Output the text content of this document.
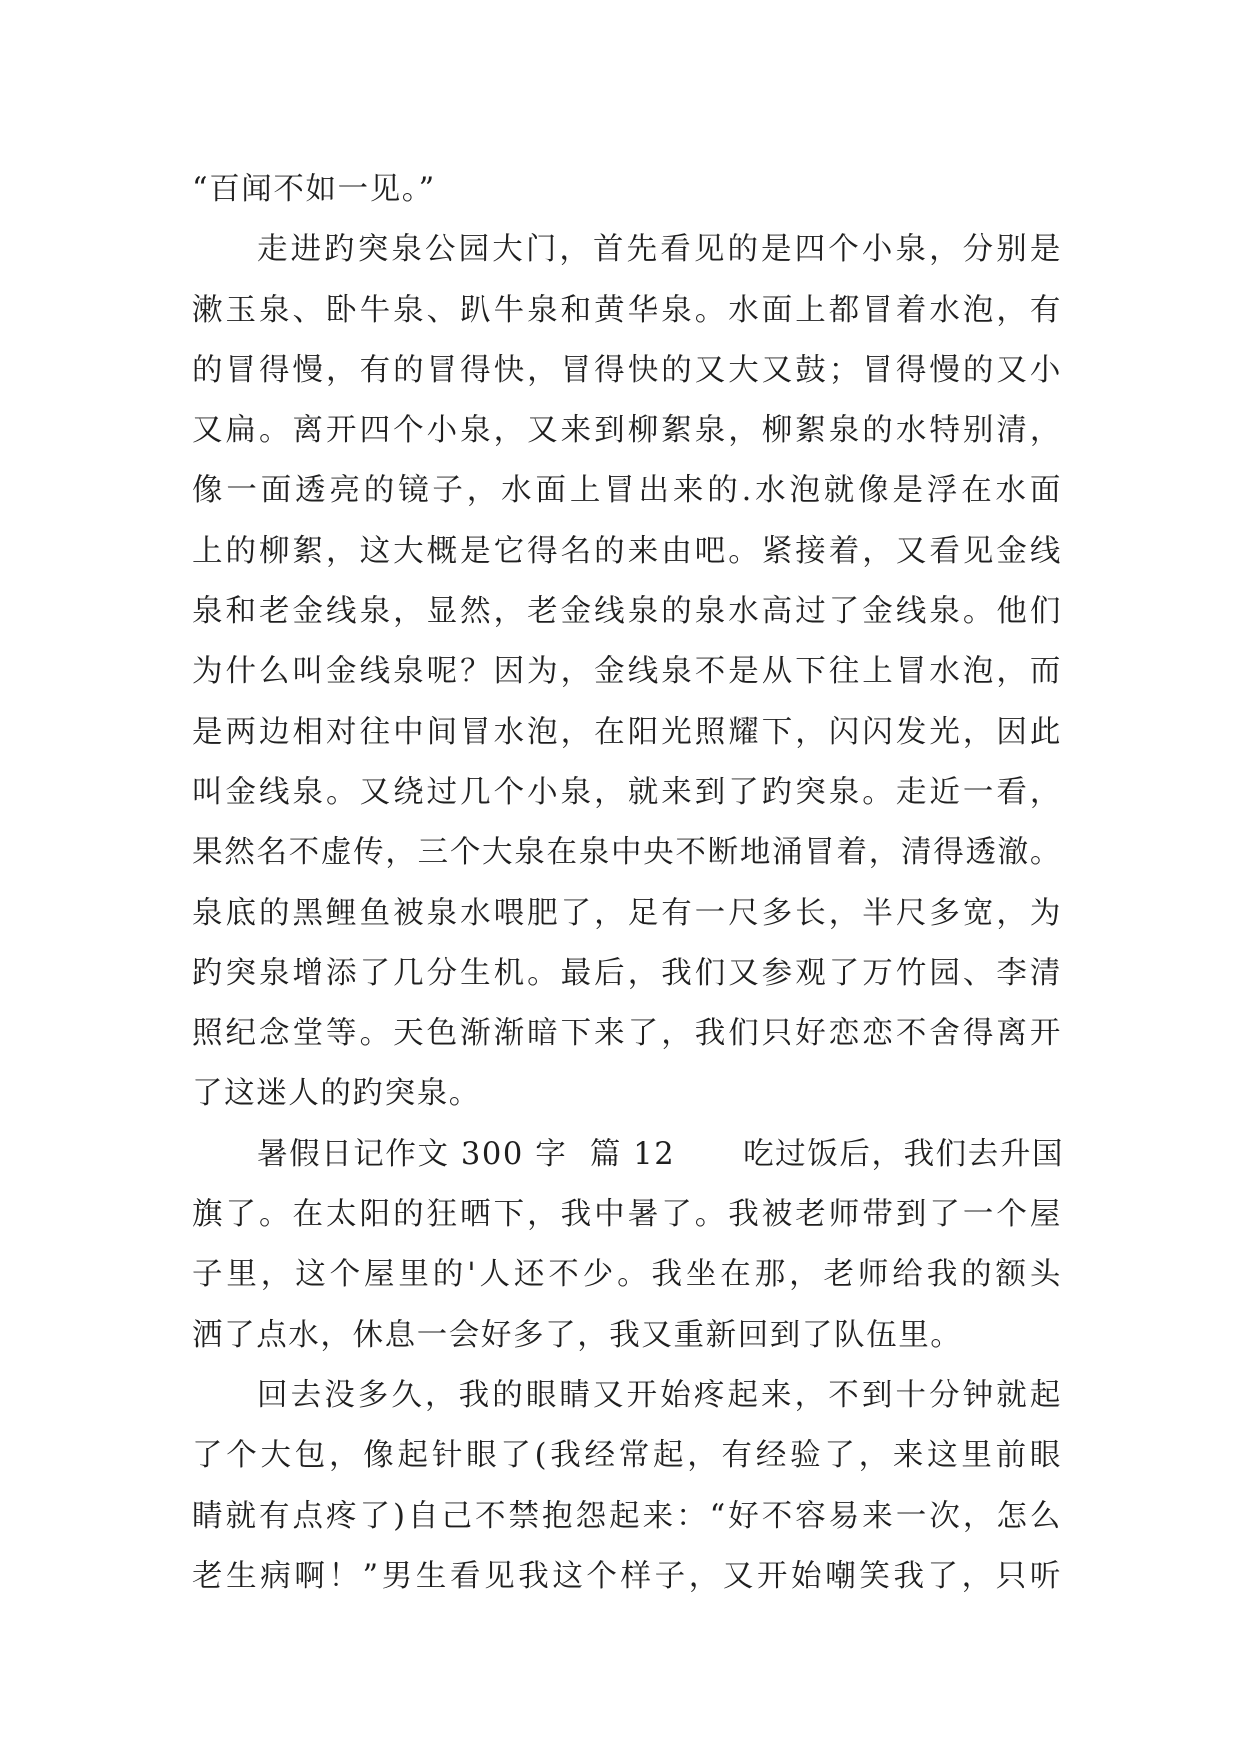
“百闻不如一见。”
走进趵突泉公园大门，首先看见的是四个小泉，分别是
漱玉泉、卧牛泉、趴牛泉和黄华泉。水面上都冒着水泡，有
的冒得慢，有的冒得快，冒得快的又大又鼓；冒得慢的又小
又扁。离开四个小泉，又来到柳絮泉，柳絮泉的水特别清，
像一面透亮的镜子，水面上冒出来的.水泡就像是浮在水面
上的柳絮，这大概是它得名的来由吧。紧接着，又看见金线
泉和老金线泉，显然，老金线泉的泉水高过了金线泉。他们
为什么叫金线泉呢？因为，金线泉不是从下往上冒水泡，而
是两边相对往中间冒水泡，在阳光照耀下，闪闪发光，因此
叫金线泉。又绕过几个小泉，就来到了趵突泉。走近一看，
果然名不虚传，三个大泉在泉中央不断地涌冒着，清得透澈。
泉底的黑鲤鱼被泉水喂肥了，足有一尺多长，半尺多宽，为
趵突泉增添了几分生机。最后，我们又参观了万竹园、李清
照纪念堂等。天色渐渐暗下来了，我们只好恋恋不舍得离开
了这迷人的趵突泉。
暑假日记作文 300 字  篇 12      吃过饭后，我们去升国
旗了。在太阳的狂晒下，我中暑了。我被老师带到了一个屋
子里，这个屋里的'人还不少。我坐在那，老师给我的额头
洒了点水，休息一会好多了，我又重新回到了队伍里。
回去没多久，我的眼睛又开始疼起来，不到十分钟就起
了个大包，像起针眼了(我经常起，有经验了，来这里前眼
睛就有点疼了)自己不禁抱怨起来：“好不容易来一次，怎么
老生病啊！”男生看见我这个样子，又开始嘲笑我了，只听
